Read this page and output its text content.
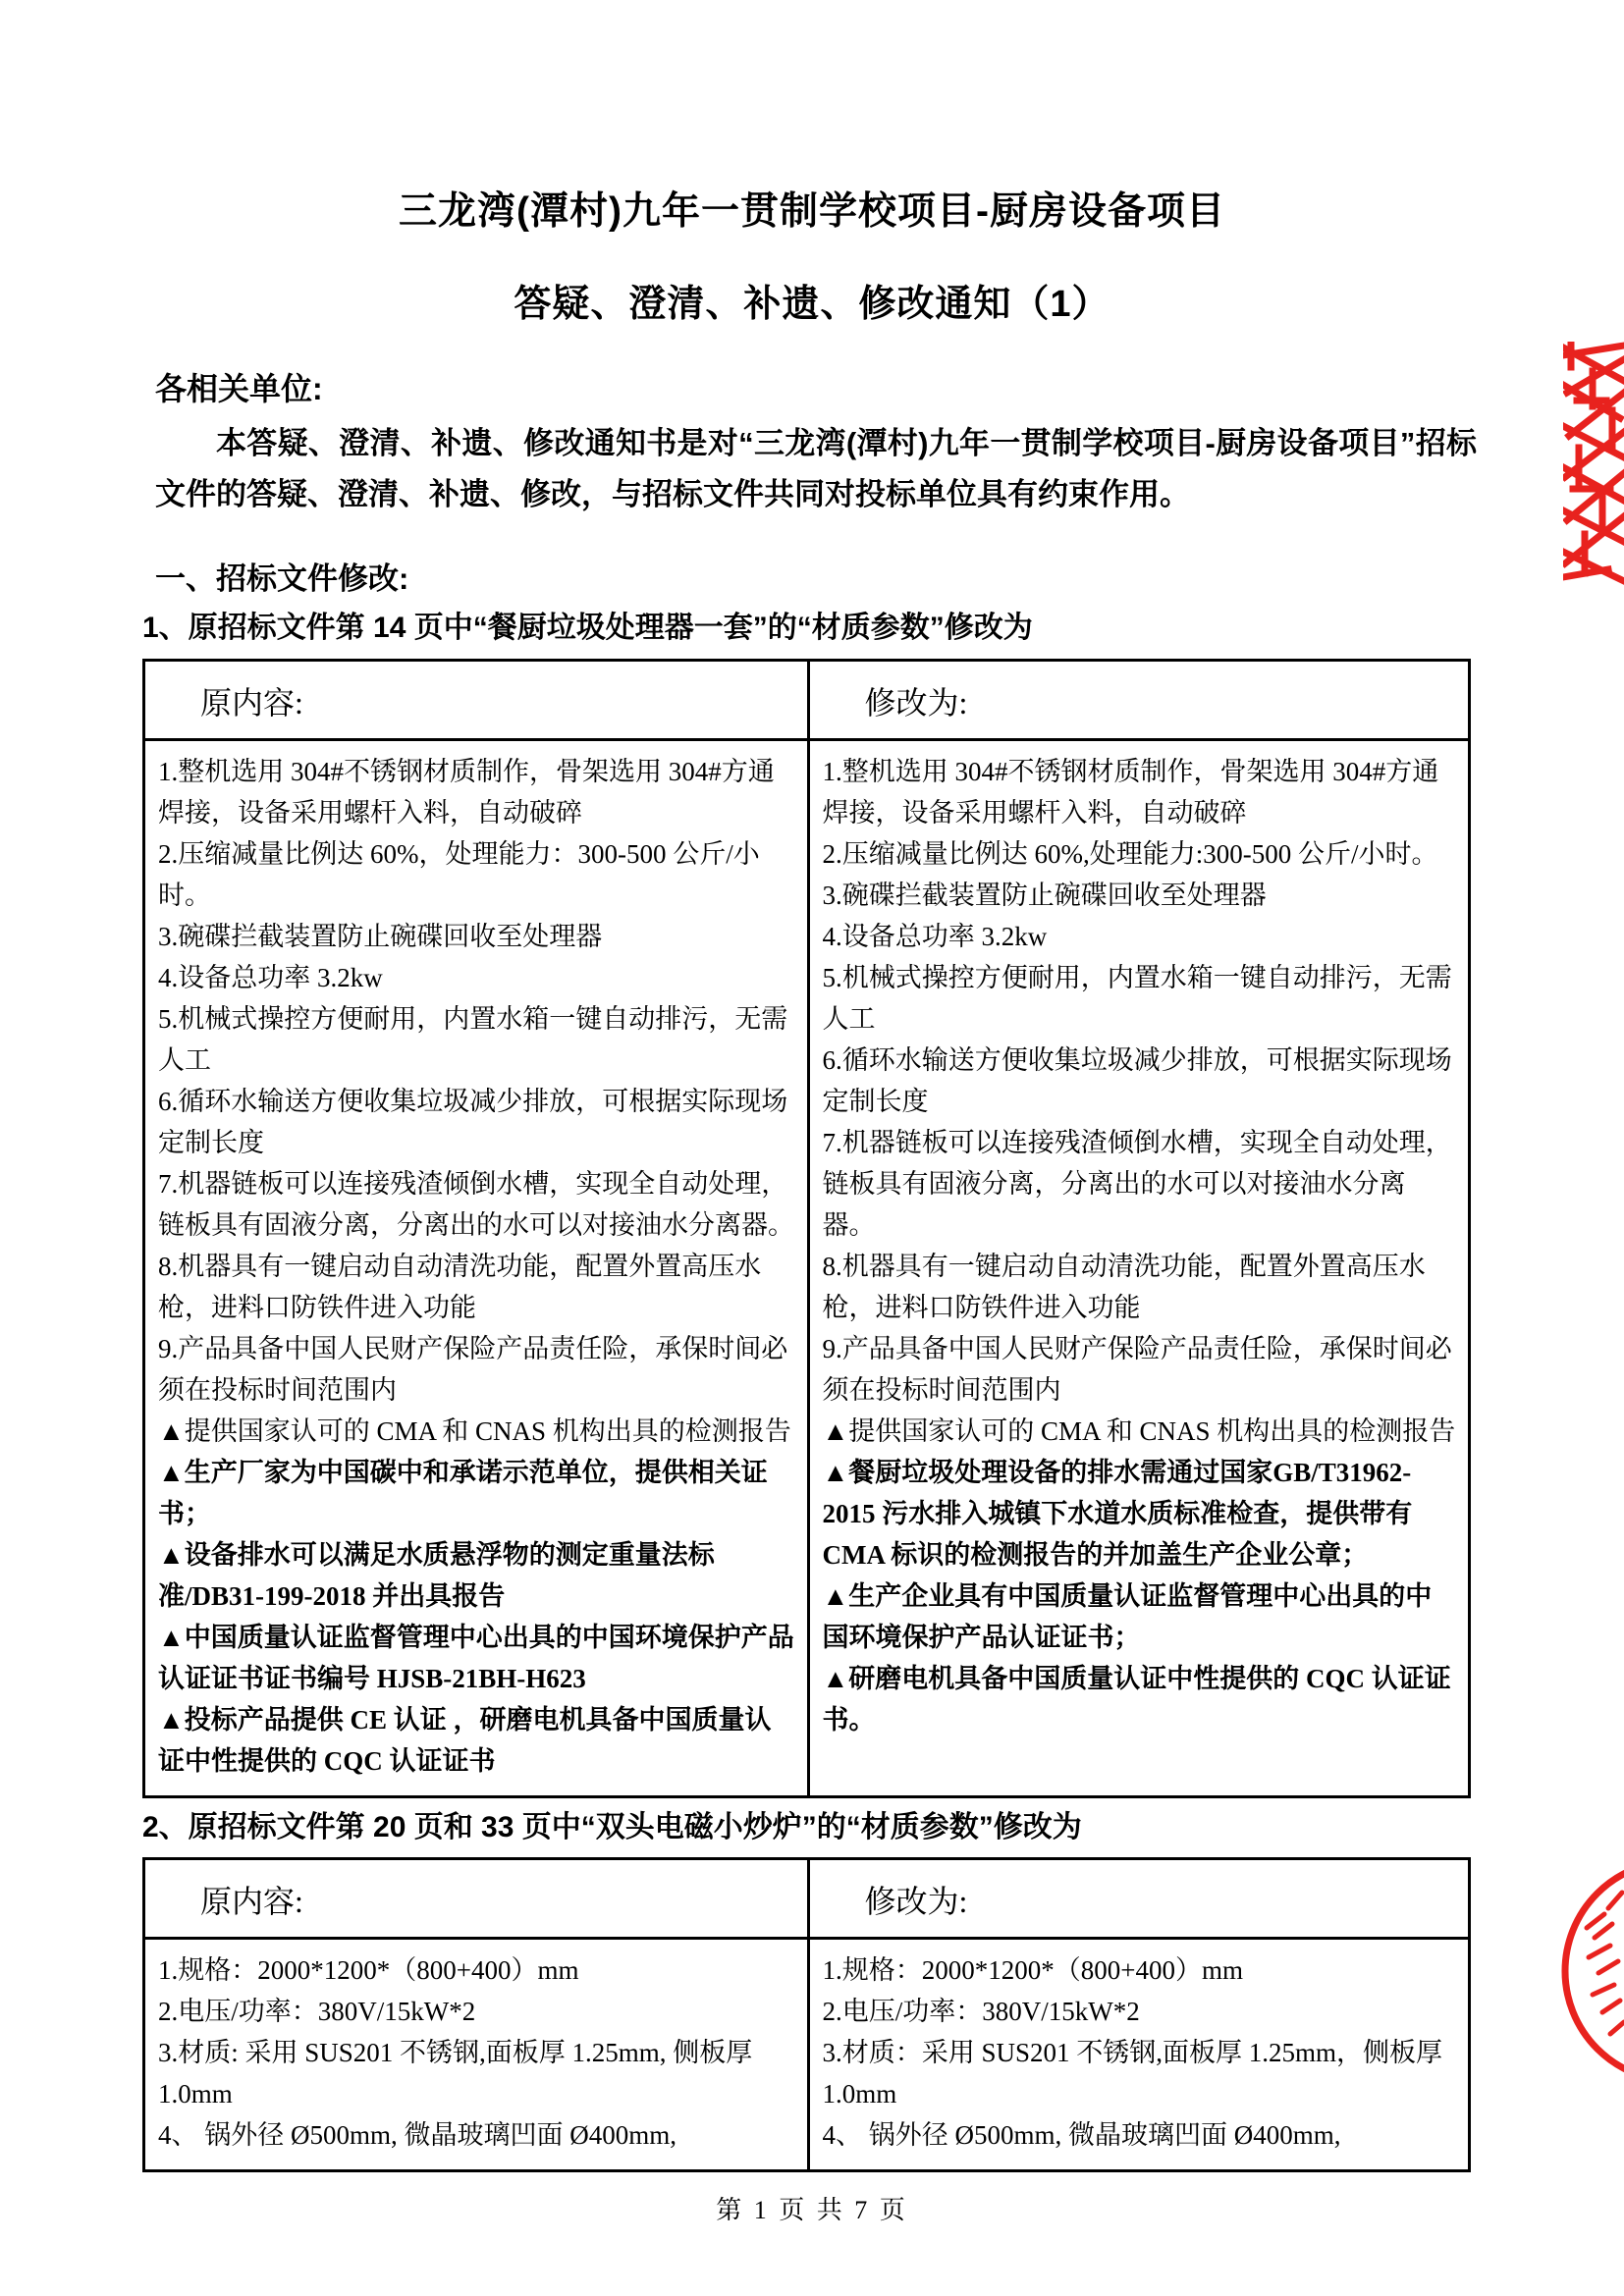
三龙湾(潭村)九年一贯制学校项目-厨房设备项目
答疑、澄清、补遗、修改通知（1）

各相关单位:

本答疑、澄清、补遗、修改通知书是对“三龙湾(潭村)九年一贯制学校项目-厨房设备项目”招标文件的答疑、澄清、补遗、修改，与招标文件共同对投标单位具有约束作用。

一、招标文件修改:

1、原招标文件第 14 页中“餐厨垃圾处理器一套”的“材质参数”修改为

原内容:
1.整机选用 304#不锈钢材质制作，骨架选用 304#方通焊接，设备采用螺杆入料，自动破碎
2.压缩减量比例达 60%，处理能力：300-500 公斤/小时。
3.碗碟拦截装置防止碗碟回收至处理器
4.设备总功率 3.2kw
5.机械式操控方便耐用，内置水箱一键自动排污，无需人工
6.循环水输送方便收集垃圾减少排放，可根据实际现场定制长度
7.机器链板可以连接残渣倾倒水槽，实现全自动处理，链板具有固液分离，分离出的水可以对接油水分离器。
8.机器具有一键启动自动清洗功能，配置外置高压水枪，进料口防铁件进入功能
9.产品具备中国人民财产保险产品责任险，承保时间必须在投标时间范围内
▲提供国家认可的 CMA 和 CNAS 机构出具的检测报告
▲生产厂家为中国碳中和承诺示范单位，提供相关证书；
▲设备排水可以满足水质悬浮物的测定重量法标准/DB31-199-2018 并出具报告
▲中国质量认证监督管理中心出具的中国环境保护产品认证证书证书编号 HJSB-21BH-H623
▲投标产品提供 CE 认证 ，研磨电机具备中国质量认证中性提供的 CQC 认证证书
修改为:
1.整机选用 304#不锈钢材质制作，骨架选用 304#方通焊接，设备采用螺杆入料，自动破碎
2.压缩减量比例达 60%,处理能力:300-500 公斤/小时。
3.碗碟拦截装置防止碗碟回收至处理器
4.设备总功率 3.2kw
5.机械式操控方便耐用，内置水箱一键自动排污，无需人工
6.循环水输送方便收集垃圾减少排放，可根据实际现场定制长度
7.机器链板可以连接残渣倾倒水槽，实现全自动处理，链板具有固液分离，分离出的水可以对接油水分离器。
8.机器具有一键启动自动清洗功能，配置外置高压水枪，进料口防铁件进入功能
9.产品具备中国人民财产保险产品责任险，承保时间必须在投标时间范围内
▲提供国家认可的 CMA 和 CNAS 机构出具的检测报告
▲餐厨垃圾处理设备的排水需通过国家GB/T31962-2015 污水排入城镇下水道水质标准检查，提供带有 CMA 标识的检测报告的并加盖生产企业公章；
▲生产企业具有中国质量认证监督管理中心出具的中国环境保护产品认证证书；
▲研磨电机具备中国质量认证中性提供的 CQC 认证证书。

2、原招标文件第 20 页和 33 页中“双头电磁小炒炉”的“材质参数”修改为

原内容:
1.规格：2000*1200*（800+400）mm
2.电压/功率：380V/15kW*2
3.材质: 采用 SUS201 不锈钢,面板厚 1.25mm, 侧板厚 1.0mm
4、 锅外径 Ø500mm, 微晶玻璃凹面 Ø400mm,
修改为:
1.规格：2000*1200*（800+400）mm
2.电压/功率：380V/15kW*2
3.材质：采用 SUS201 不锈钢,面板厚 1.25mm，侧板厚 1.0mm
4、 锅外径 Ø500mm, 微晶玻璃凹面 Ø400mm,
第 1 页 共 7 页
